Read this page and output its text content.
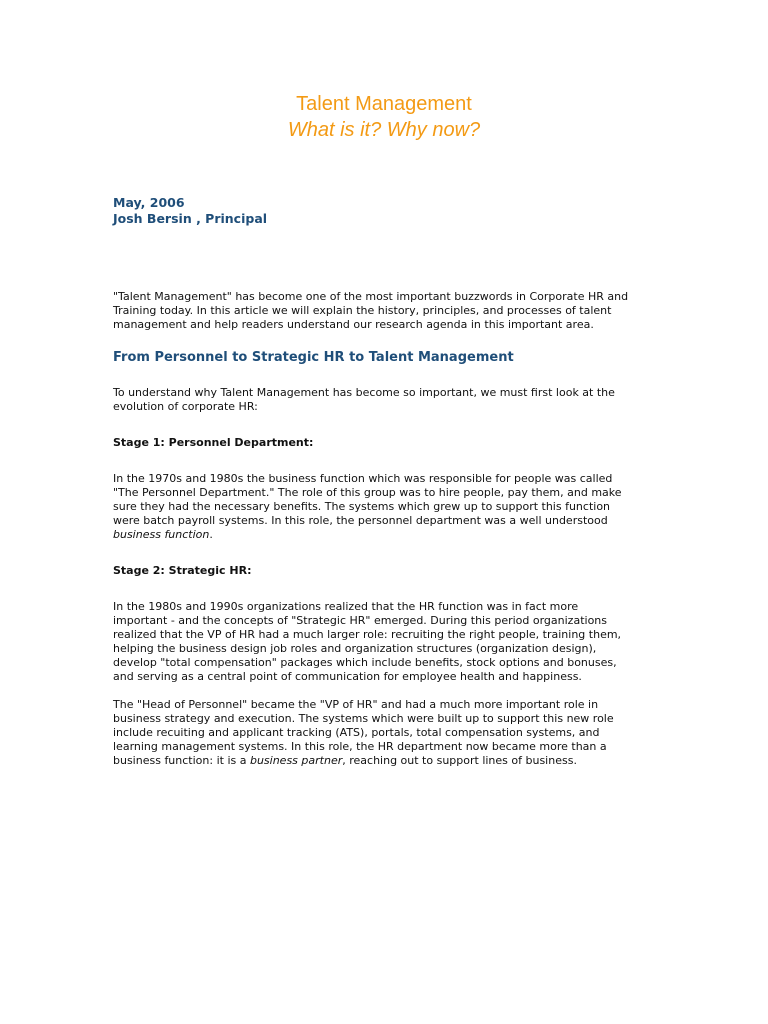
Talent Management
What is it? Why now?
May, 2006
Josh Bersin , Principal

"Talent Management" has become one of the most important buzzwords in Corporate HR and Training today. In this article we will explain the history, principles, and processes of talent management and help readers understand our research agenda in this important area.

From Personnel to Strategic HR to Talent Management

To understand why Talent Management has become so important, we must first look at the evolution of corporate HR:

Stage 1: Personnel Department:

In the 1970s and 1980s the business function which was responsible for people was called "The Personnel Department." The role of this group was to hire people, pay them, and make sure they had the necessary benefits. The systems which grew up to support this function were batch payroll systems. In this role, the personnel department was a well understood business function.

Stage 2: Strategic HR:

In the 1980s and 1990s organizations realized that the HR function was in fact more important - and the concepts of "Strategic HR" emerged. During this period organizations realized that the VP of HR had a much larger role: recruiting the right people, training them, helping the business design job roles and organization structures (organization design), develop "total compensation" packages which include benefits, stock options and bonuses, and serving as a central point of communication for employee health and happiness.

The "Head of Personnel" became the "VP of HR" and had a much more important role in business strategy and execution. The systems which were built up to support this new role include recuiting and applicant tracking (ATS), portals, total compensation systems, and learning management systems. In this role, the HR department now became more than a business function: it is a business partner, reaching out to support lines of business.
